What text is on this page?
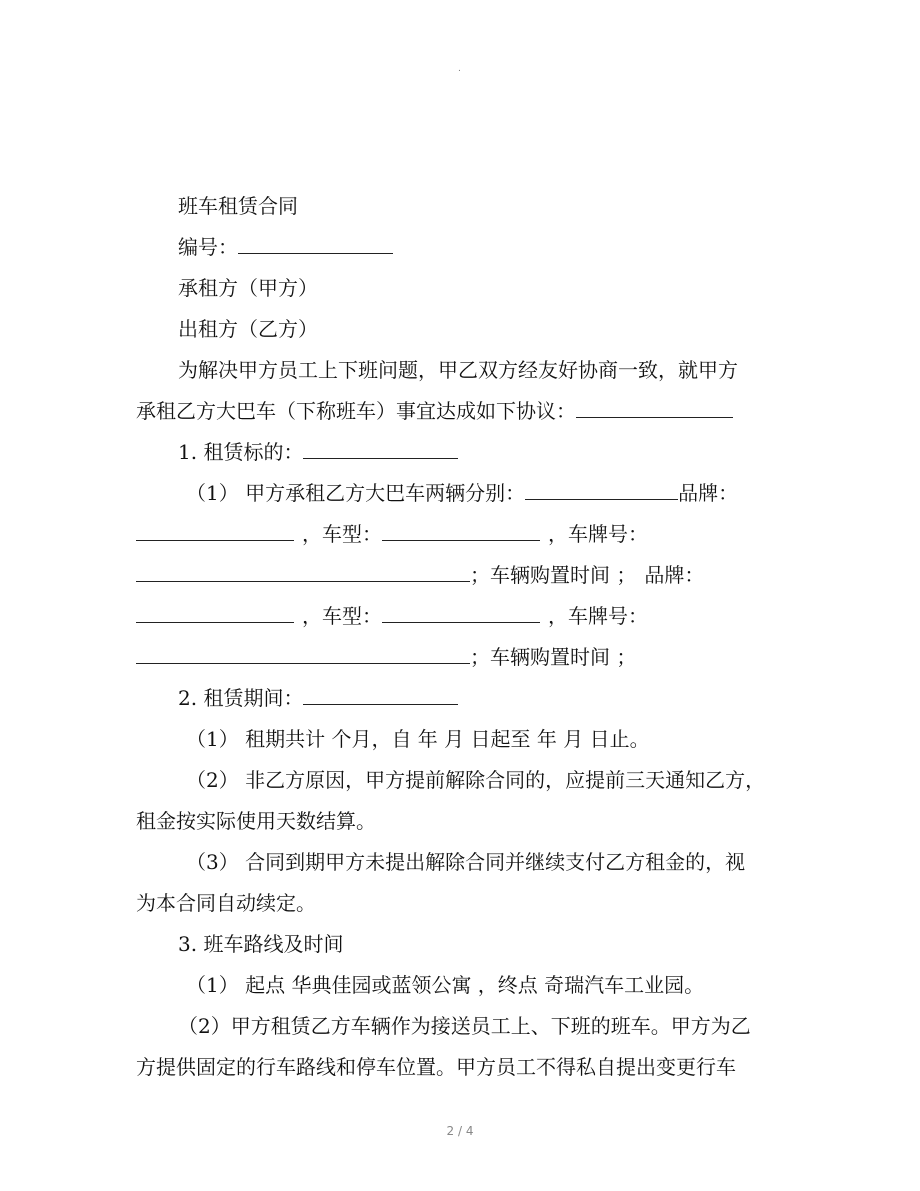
.
班车租赁合同
编号：
承租方（甲方）
出租方（乙方）
为解决甲方员工上下班问题，甲乙双方经友好协商一致，就甲方
承租乙方大巴车（下称班车）事宜达成如下协议：
1. 租赁标的：
（1） 甲方承租乙方大巴车两辆分别：	品牌：
，车型：	，车牌号：
；车辆购置时间 ； 品牌：
，车型：	，车牌号：
；车辆购置时间 ；
2. 租赁期间：
（1） 租期共计 个月，自 年 月 日起至 年 月 日止。
（2） 非乙方原因，甲方提前解除合同的，应提前三天通知乙方，
租金按实际使用天数结算。
（3） 合同到期甲方未提出解除合同并继续支付乙方租金的，视
为本合同自动续定。
3. 班车路线及时间
（1） 起点 华典佳园或蓝领公寓 ，终点 奇瑞汽车工业园。
（2）甲方租赁乙方车辆作为接送员工上、下班的班车。甲方为乙
方提供固定的行车路线和停车位置。甲方员工不得私自提出变更行车
2 / 4
